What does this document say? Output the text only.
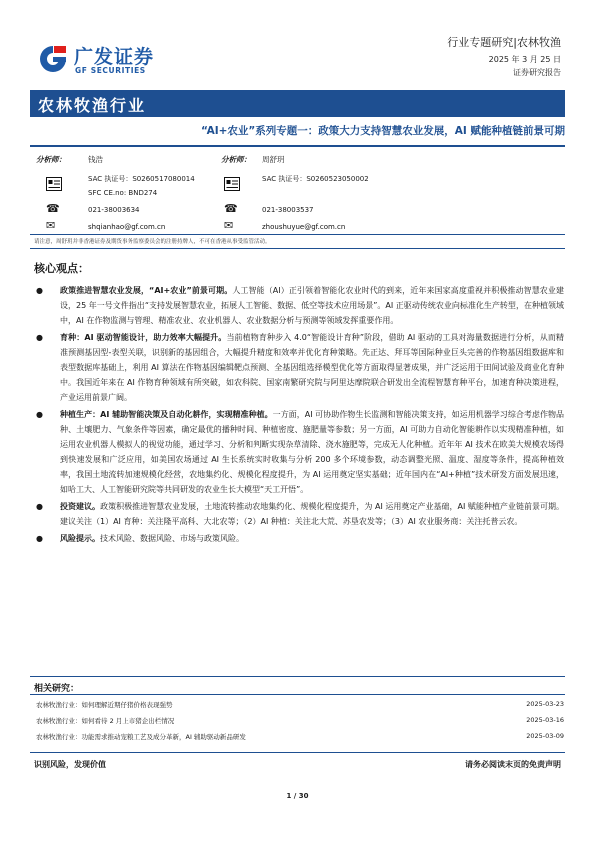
广发证券
GF SECURITIES
行业专题研究|农林牧渔
2025 年 3 月 25 日
证券研究报告
农林牧渔行业
“AI+农业”系列专题一：政策大力支持智慧农业发展，AI 赋能种植链前景可期
分析师：	钱浩
SAC 执证号：S0260517080014
SFC CE.no: BND274
☎	021-38003634
✉	shqianhao@gf.com.cn
分析师： 周舒玥
SAC 执证号：S0260523050002
☎	021-38003537
✉	zhoushuyue@gf.com.cn
请注意，周舒玥并非香港证券及期货事务监察委员会的注册持牌人，不可在香港从事受监管活动。
核心观点：
●	政策推进智慧农业发展，“AI+农业”前景可期。人工智能（AI）正引领着智能化农业时代的到来，近年来国家高度重视并积极推动智慧农业建设，25 年一号文件指出“支持发展智慧农业，拓展人工智能、数据、低空等技术应用场景”。AI 正驱动传统农业向标准化生产转型，在种植领域中，AI 在作物监测与管理、精准农业、农业机器人、农业数据分析与预测等领域发挥重要作用。
●	育种：AI 驱动智能设计，助力效率大幅提升。当前植物育种步入 4.0“智能设计育种”阶段，借助 AI 驱动的工具对海量数据进行分析，从而精准预测基因型-表型关联，识别新的基因组合，大幅提升精度和效率并优化育种策略。先正达、拜耳等国际种业巨头完善的作物基因组数据库和表型数据库基础上，利用 AI 算法在作物基因编辑靶点预测、全基因组选择模型优化等方面取得显著成果，并广泛运用于田间试验及商业化育种中。我国近年来在 AI 作物育种领域有所突破，如农科院、国家南繁研究院与阿里达摩院联合研发出全流程智慧育种平台，加速育种决策进程，产业运用前景广阔。
●	种植生产：AI 辅助智能决策及自动化耕作，实现精准种植。一方面，AI 可协助作物生长监测和智能决策支持，如运用机器学习综合考虑作物品种、土壤肥力、气象条件等因素，确定最优的播种时间、种植密度、施肥量等参数；另一方面，AI 可助力自动化智能耕作以实现精准种植，如运用农业机器人模拟人的视觉功能，通过学习、分析和判断实现杂草清除、浇水施肥等，完成无人化种植。近年年 AI 技术在欧美大规模农场得到快速发展和广泛应用，如美国农场通过 AI 生长系统实时收集与分析 200 多个环境参数，动态调整光照、温度、湿度等条件，提高种植效率，我国土地流转加速规模化经营，农地集约化、规模化程度提升，为 AI 运用奠定坚实基础；近年国内在“AI+种植”技术研发方面发展迅速，如哈工大、人工智能研究院等共同研发的农业生长大模型“天工开悟”。
●	投资建议。政策积极推进智慧农业发展，土地流转推动农地集约化、规模化程度提升，为 AI 运用奠定产业基础，AI 赋能种植产业链前景可期。建议关注（1）AI 育种：关注隆平高科、大北农等；（2）AI 种植：关注北大荒、苏垦农发等；（3）AI 农业服务商：关注托普云农。
●	风险提示。技术风险、数据风险、市场与政策风险。
相关研究：
农林牧渔行业：如何理解近期仔猪价格表现强势	2025-03-23
农林牧渔行业：如何看待 2 月上市猪企出栏情况	2025-03-16
农林牧渔行业：功能需求推动宠粮工艺及成分革新，AI 辅助驱动新品研发	2025-03-09
识别风险，发现价值	请务必阅读末页的免责声明
1 / 30
